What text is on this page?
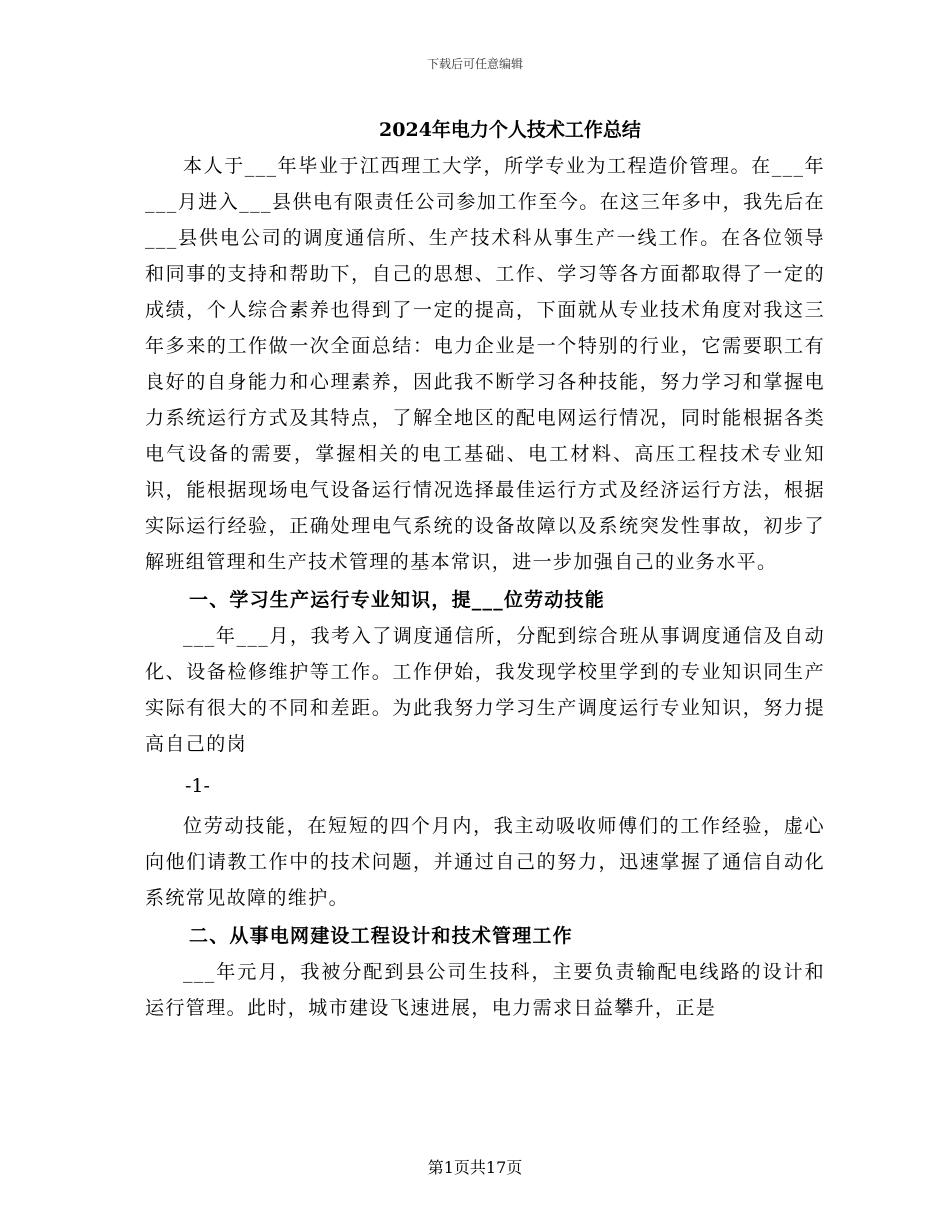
下载后可任意编辑

2024年电力个人技术工作总结

本人于___年毕业于江西理工大学，所学专业为工程造价管理。在___年___月进入___县供电有限责任公司参加工作至今。在这三年多中，我先后在___县供电公司的调度通信所、生产技术科从事生产一线工作。在各位领导和同事的支持和帮助下，自己的思想、工作、学习等各方面都取得了一定的成绩，个人综合素养也得到了一定的提高，下面就从专业技术角度对我这三年多来的工作做一次全面总结：电力企业是一个特别的行业，它需要职工有良好的自身能力和心理素养，因此我不断学习各种技能，努力学习和掌握电力系统运行方式及其特点，了解全地区的配电网运行情况，同时能根据各类电气设备的需要，掌握相关的电工基础、电工材料、高压工程技术专业知识，能根据现场电气设备运行情况选择最佳运行方式及经济运行方法，根据实际运行经验，正确处理电气系统的设备故障以及系统突发性事故，初步了解班组管理和生产技术管理的基本常识，进一步加强自己的业务水平。

一、学习生产运行专业知识，提___位劳动技能

___年___月，我考入了调度通信所，分配到综合班从事调度通信及自动化、设备检修维护等工作。工作伊始，我发现学校里学到的专业知识同生产实际有很大的不同和差距。为此我努力学习生产调度运行专业知识，努力提高自己的岗

-1-

位劳动技能，在短短的四个月内，我主动吸收师傅们的工作经验，虚心向他们请教工作中的技术问题，并通过自己的努力，迅速掌握了通信自动化系统常见故障的维护。

二、从事电网建设工程设计和技术管理工作

___年元月，我被分配到县公司生技科，主要负责输配电线路的设计和运行管理。此时，城市建设飞速进展，电力需求日益攀升，正是

第1页共17页
